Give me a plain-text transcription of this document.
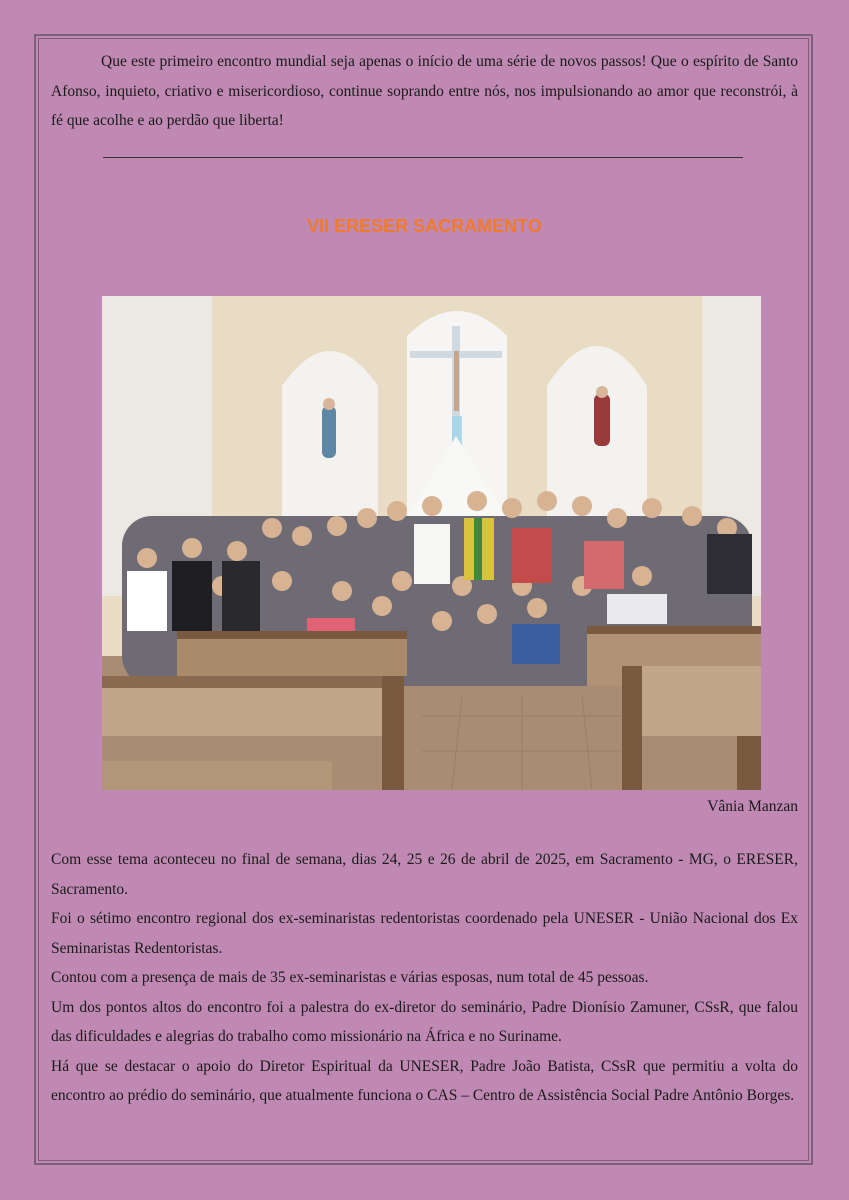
Que este primeiro encontro mundial seja apenas o início de uma série de novos passos! Que o espírito de Santo Afonso, inquieto, criativo e misericordioso, continue soprando entre nós, nos impulsionando ao amor que reconstrói, à fé que acolhe e ao perdão que liberta!
VII ERESER SACRAMENTO
Vânia Manzan

Com esse tema aconteceu no final de semana, dias 24, 25 e 26 de abril de 2025, em Sacramento - MG, o ERESER, Sacramento.

Foi o sétimo encontro regional dos ex-seminaristas redentoristas coordenado pela UNESER - União Nacional dos Ex Seminaristas Redentoristas.

Contou com a presença de mais de 35 ex-seminaristas e várias esposas, num total de 45 pessoas.

Um dos pontos altos do encontro foi a palestra do ex-diretor do seminário, Padre Dionísio Zamuner, CSsR, que falou das dificuldades e alegrias do trabalho como missionário na África e no Suriname.

Há que se destacar o apoio do Diretor Espiritual da UNESER, Padre João Batista, CSsR que permitiu a volta do encontro ao prédio do seminário, que atualmente funciona o CAS – Centro de Assistência Social Padre Antônio Borges.
